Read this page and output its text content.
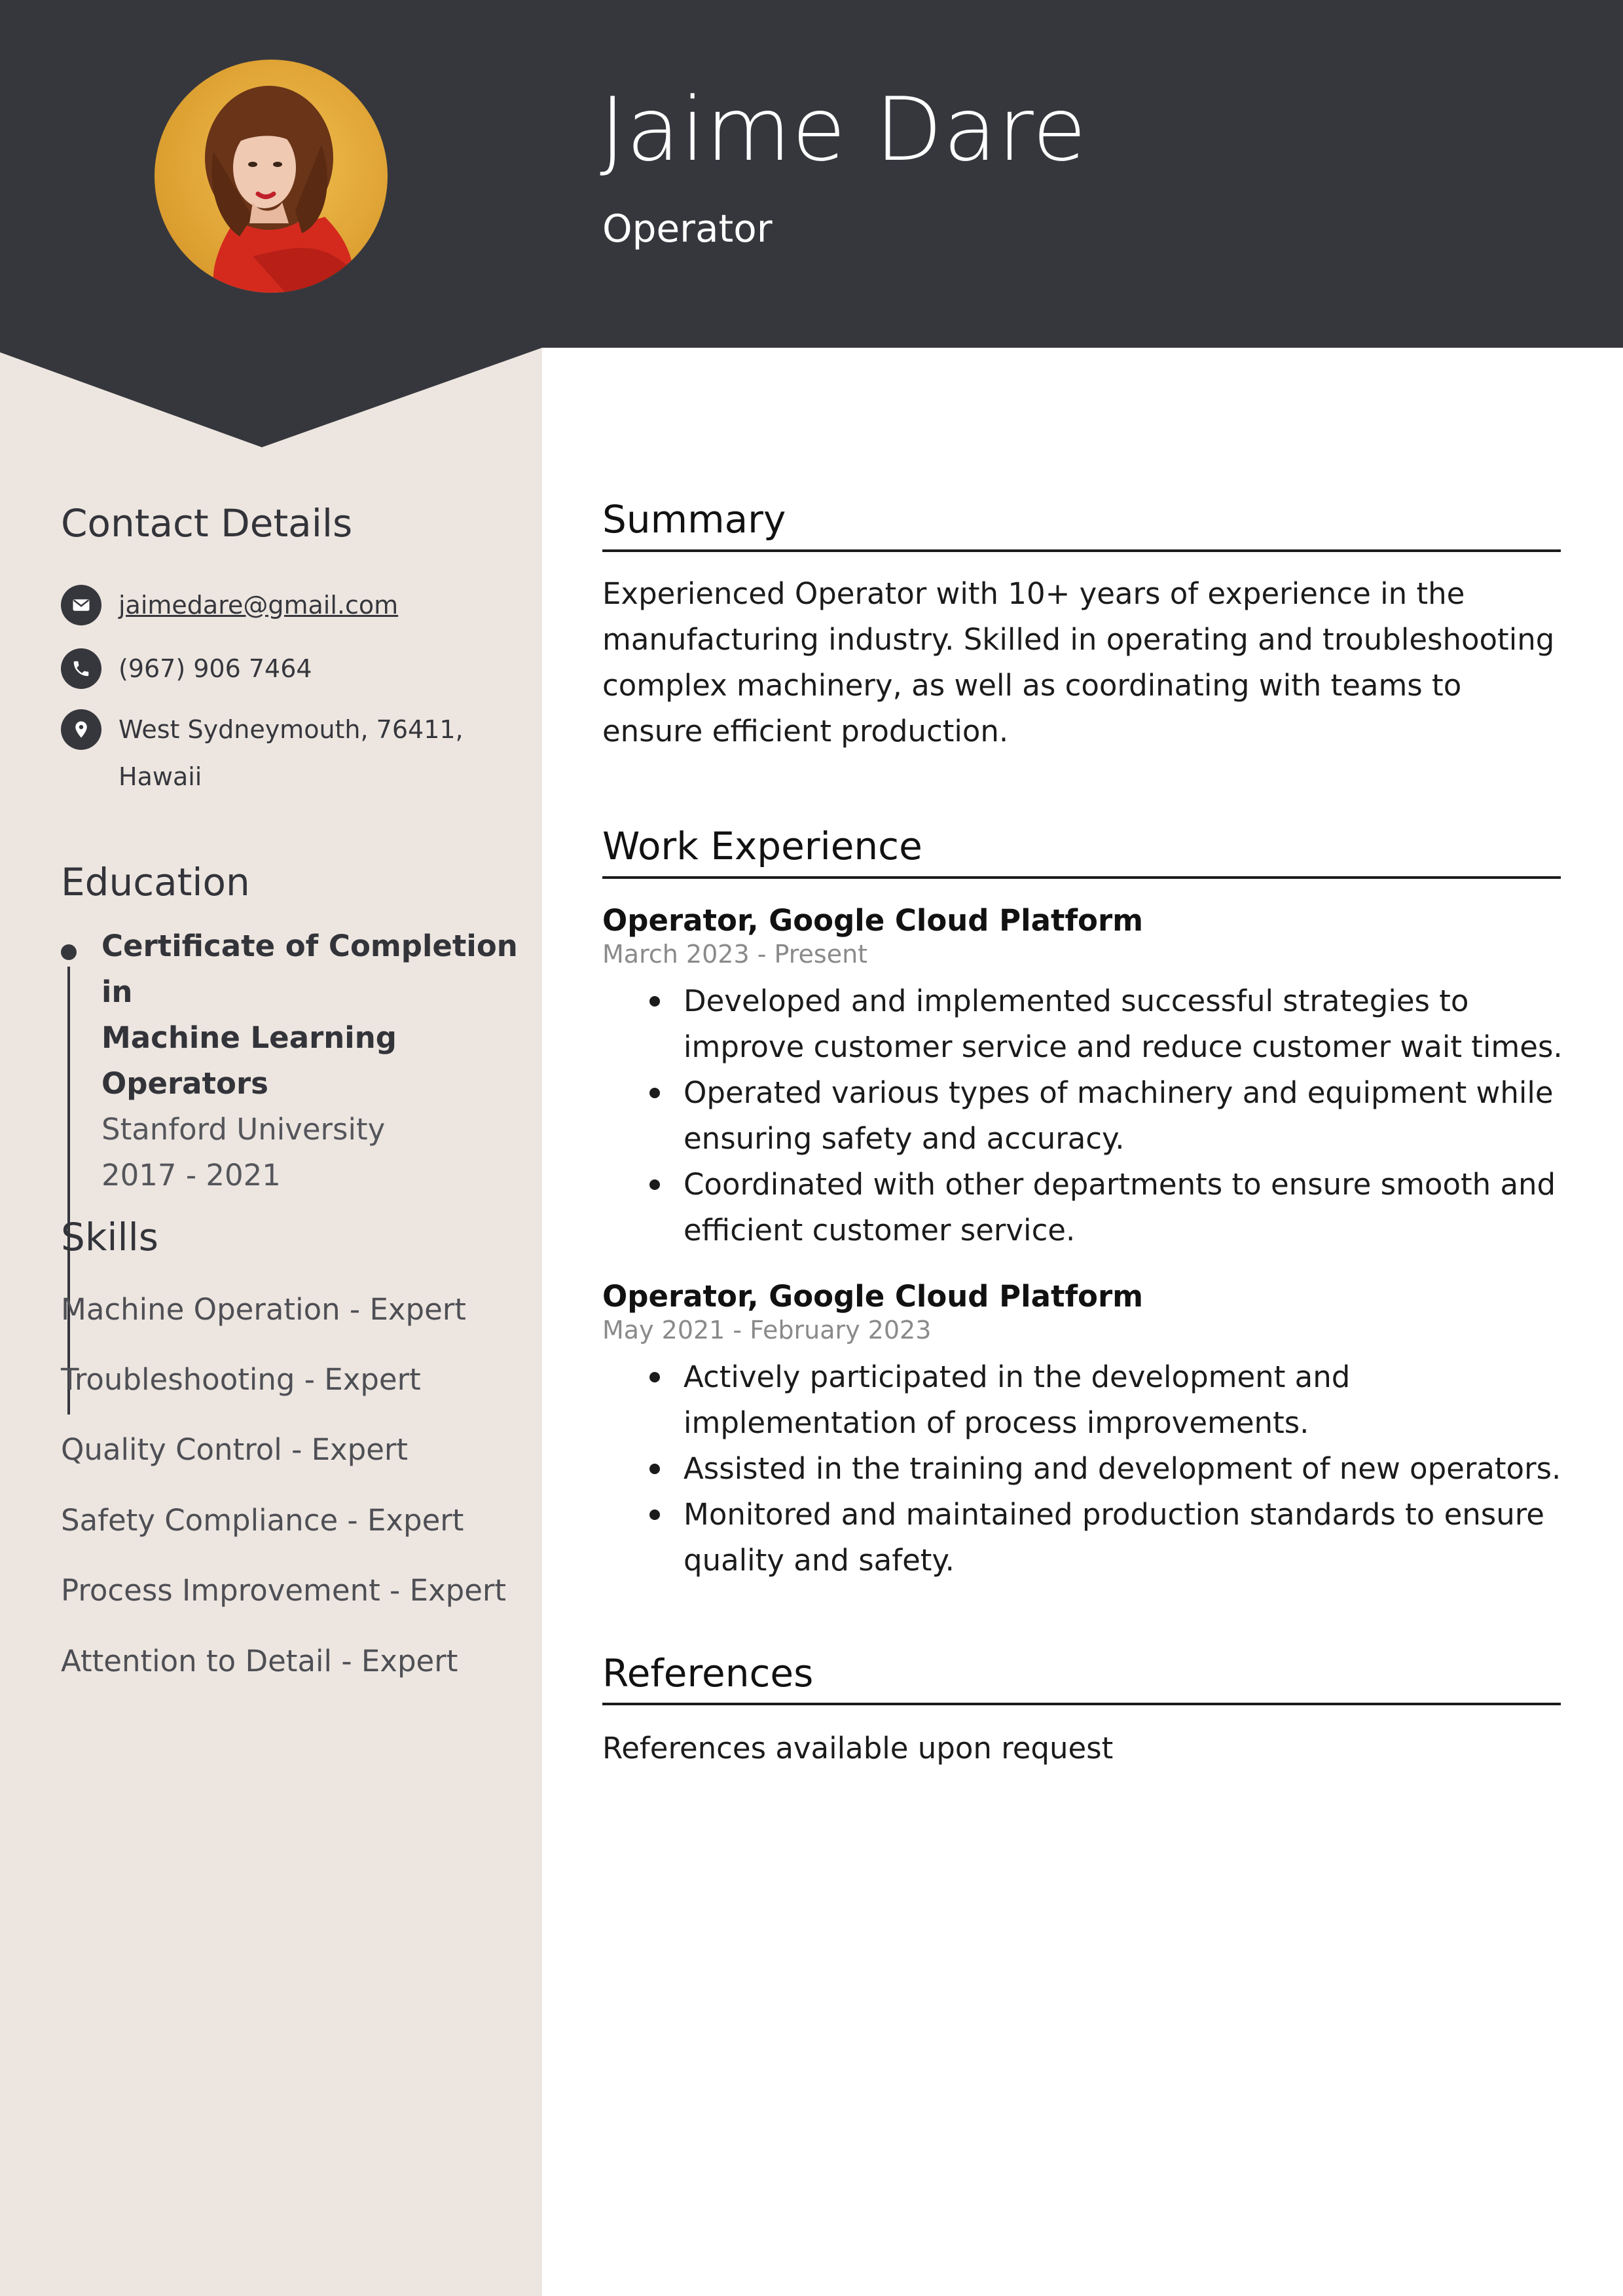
Jaime Dare
Operator
Contact Details
jaimedare@gmail.com
(967) 906 7464
West Sydneymouth, 76411,
Hawaii
Education
Certificate of Completion in
Machine Learning
Operators
Stanford University
2017 - 2021
Skills
Machine Operation - Expert
Troubleshooting - Expert
Quality Control - Expert
Safety Compliance - Expert
Process Improvement - Expert
Attention to Detail - Expert
Summary
Experienced Operator with 10+ years of experience in the manufacturing industry. Skilled in operating and troubleshooting complex machinery, as well as coordinating with teams to ensure efficient production.
Work Experience
Operator, Google Cloud Platform
March 2023 - Present
Developed and implemented successful strategies to improve customer service and reduce customer wait times.
Operated various types of machinery and equipment while ensuring safety and accuracy.
Coordinated with other departments to ensure smooth and efficient customer service.
Operator, Google Cloud Platform
May 2021 - February 2023
Actively participated in the development and implementation of process improvements.
Assisted in the training and development of new operators.
Monitored and maintained production standards to ensure quality and safety.
References
References available upon request
